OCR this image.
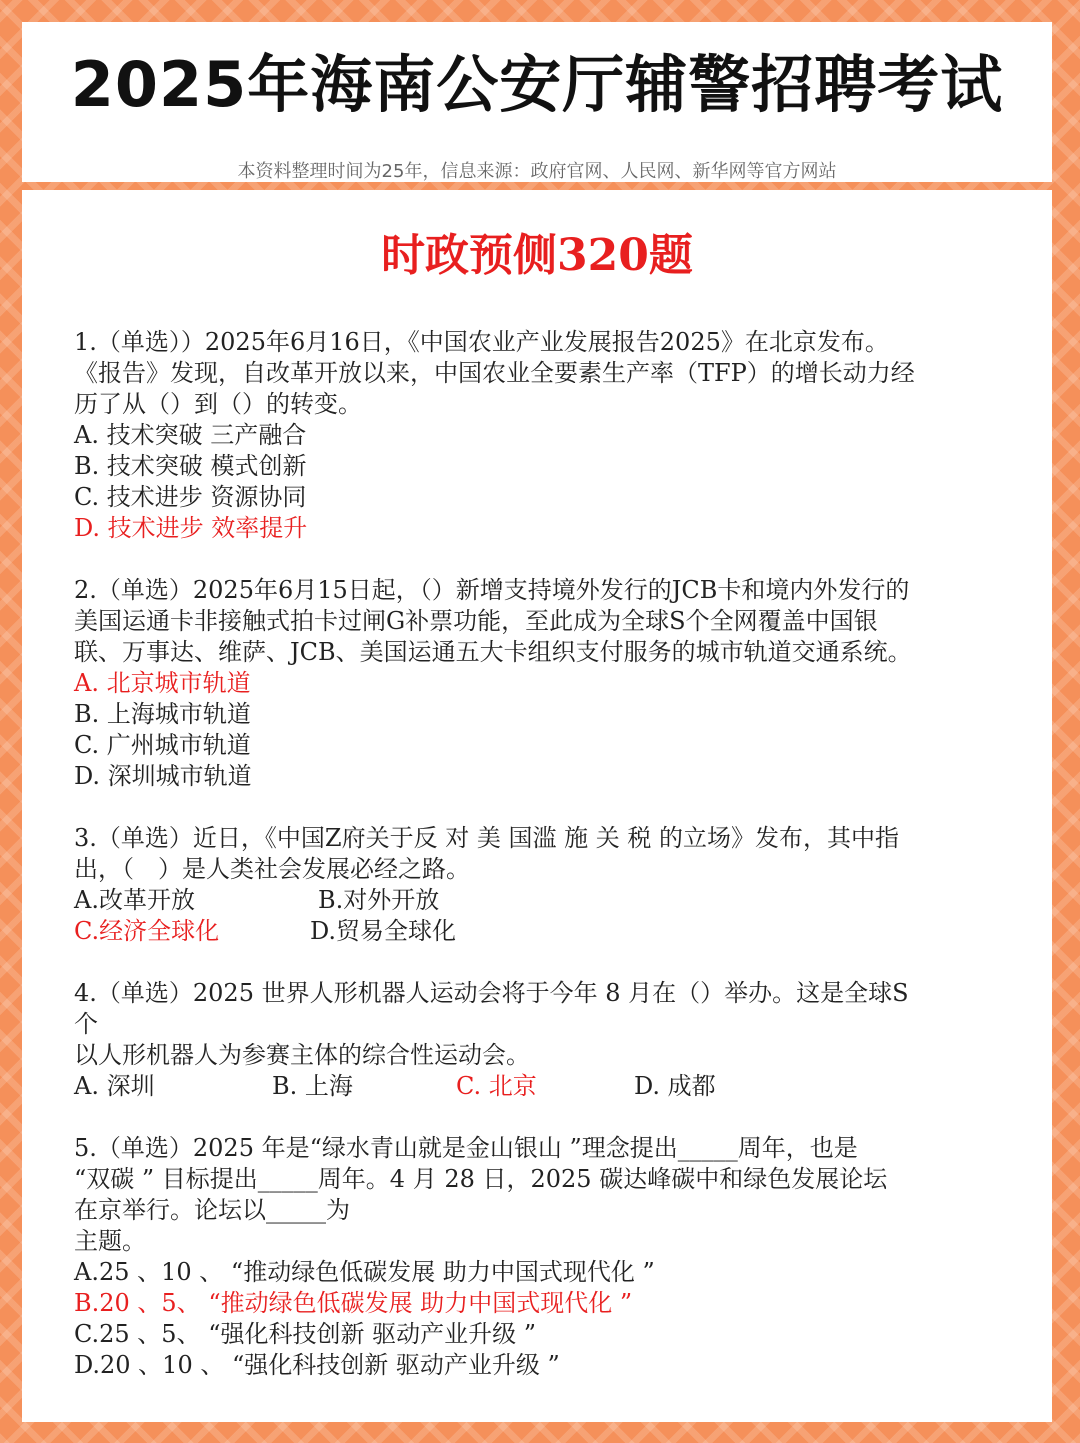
2025年海南公安厅辅警招聘考试

本资料整理时间为25年，信息来源：政府官网、人民网、新华网等官方网站

时政预侧320题

1.（单选））2025年6月16日，《中国农业产业发展报告2025》在北京发布。

《报告》发现，自改革开放以来，中国农业全要素生产率（TFP）的增长动力经

历了从（）到（）的转变。

A. 技术突破 三产融合

B. 技术突破 模式创新

C. 技术进步 资源协同

D. 技术进步 效率提升

2.（单选）2025年6月15日起，（）新增支持境外发行的JCB卡和境内外发行的

美国运通卡非接触式拍卡过闸G补票功能，至此成为全球S个全网覆盖中国银

联、万事达、维萨、JCB、美国运通五大卡组织支付服务的城市轨道交通系统。

A. 北京城市轨道

B. 上海城市轨道

C. 广州城市轨道

D. 深圳城市轨道

3.（单选）近日，《中国Z府关于反 对 美 国滥 施 关 税 的立场》发布，其中指

出，（　）是人类社会发展必经之路。

A.改革开放	B.对外开放

C.经济全球化	D.贸易全球化

4.（单选）2025 世界人形机器人运动会将于今年 8 月在（）举办。这是全球S

个

以人形机器人为参赛主体的综合性运动会。

A. 深圳	B. 上海	C. 北京	D. 成都

5.（单选）2025 年是“绿水青山就是金山银山 ”理念提出_____周年，也是

“双碳 ” 目标提出_____周年。4 月 28 日，2025 碳达峰碳中和绿色发展论坛

在京举行。论坛以_____为

主题。

A.25 、10 、 “推动绿色低碳发展 助力中国式现代化 ”

B.20 、5、 “推动绿色低碳发展 助力中国式现代化 ”

C.25 、5、 “强化科技创新 驱动产业升级 ”

D.20 、10 、 “强化科技创新 驱动产业升级 ”
